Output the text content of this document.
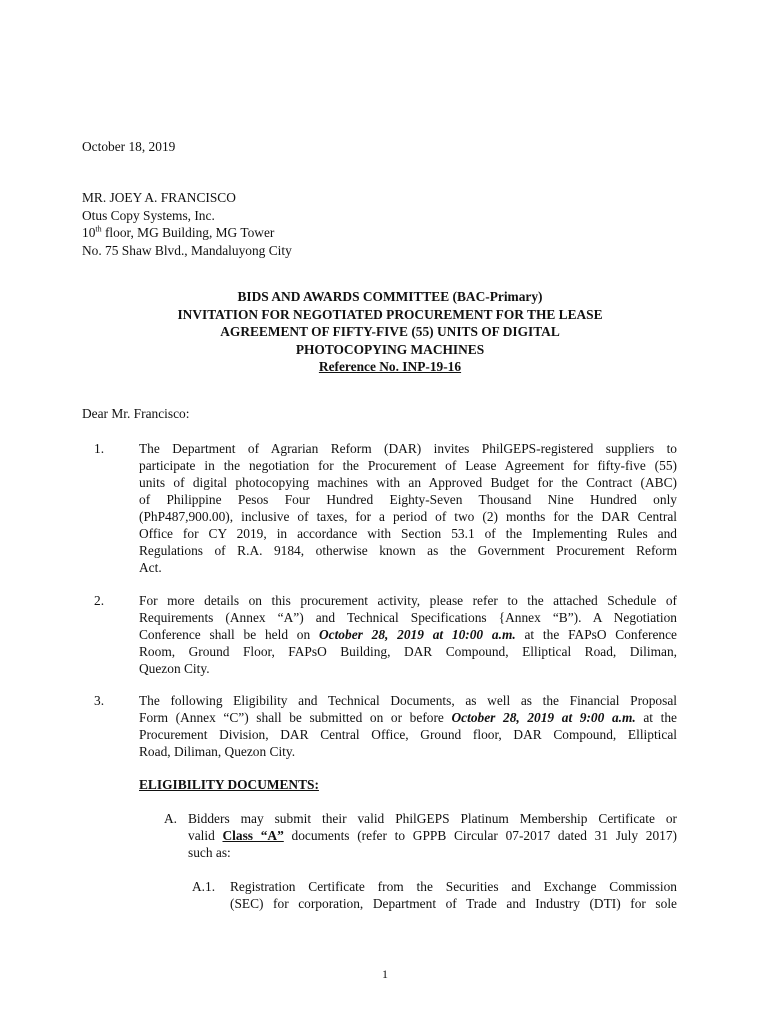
October 18, 2019
MR. JOEY A. FRANCISCO
Otus Copy Systems, Inc.
10th floor, MG Building, MG Tower
No. 75 Shaw Blvd., Mandaluyong City
BIDS AND AWARDS COMMITTEE (BAC-Primary)
INVITATION FOR NEGOTIATED PROCUREMENT FOR THE LEASE
AGREEMENT OF FIFTY-FIVE (55) UNITS OF DIGITAL
PHOTOCOPYING MACHINES
Reference No. INP-19-16
Dear Mr. Francisco:
1.	The Department of Agrarian Reform (DAR) invites PhilGEPS-registered suppliers to
participate in the negotiation for the Procurement of Lease Agreement for fifty-five (55)
units of digital photocopying machines with an Approved Budget for the Contract (ABC)
of Philippine Pesos Four Hundred Eighty-Seven Thousand Nine Hundred only
(PhP487,900.00), inclusive of taxes, for a period of two (2) months for the DAR Central
Office for CY 2019, in accordance with Section 53.1 of the Implementing Rules and
Regulations of R.A. 9184, otherwise known as the Government Procurement Reform
Act.
2.	For more details on this procurement activity, please refer to the attached Schedule of
Requirements (Annex “A”) and Technical Specifications {Annex “B”). A Negotiation
Conference shall be held on October 28, 2019 at 10:00 a.m. at the FAPsO Conference
Room, Ground Floor, FAPsO Building, DAR Compound, Elliptical Road, Diliman,
Quezon City.
3.	The following Eligibility and Technical Documents, as well as the Financial Proposal
Form (Annex “C”) shall be submitted on or before October 28, 2019 at 9:00 a.m. at the
Procurement Division, DAR Central Office, Ground floor, DAR Compound, Elliptical
Road, Diliman, Quezon City.
ELIGIBILITY DOCUMENTS:
A. Bidders may submit their valid PhilGEPS Platinum Membership Certificate or
valid Class “A” documents (refer to GPPB Circular 07-2017 dated 31 July 2017)
such as:
A.1. Registration Certificate from the Securities and Exchange Commission
(SEC) for corporation, Department of Trade and Industry (DTI) for sole
1
